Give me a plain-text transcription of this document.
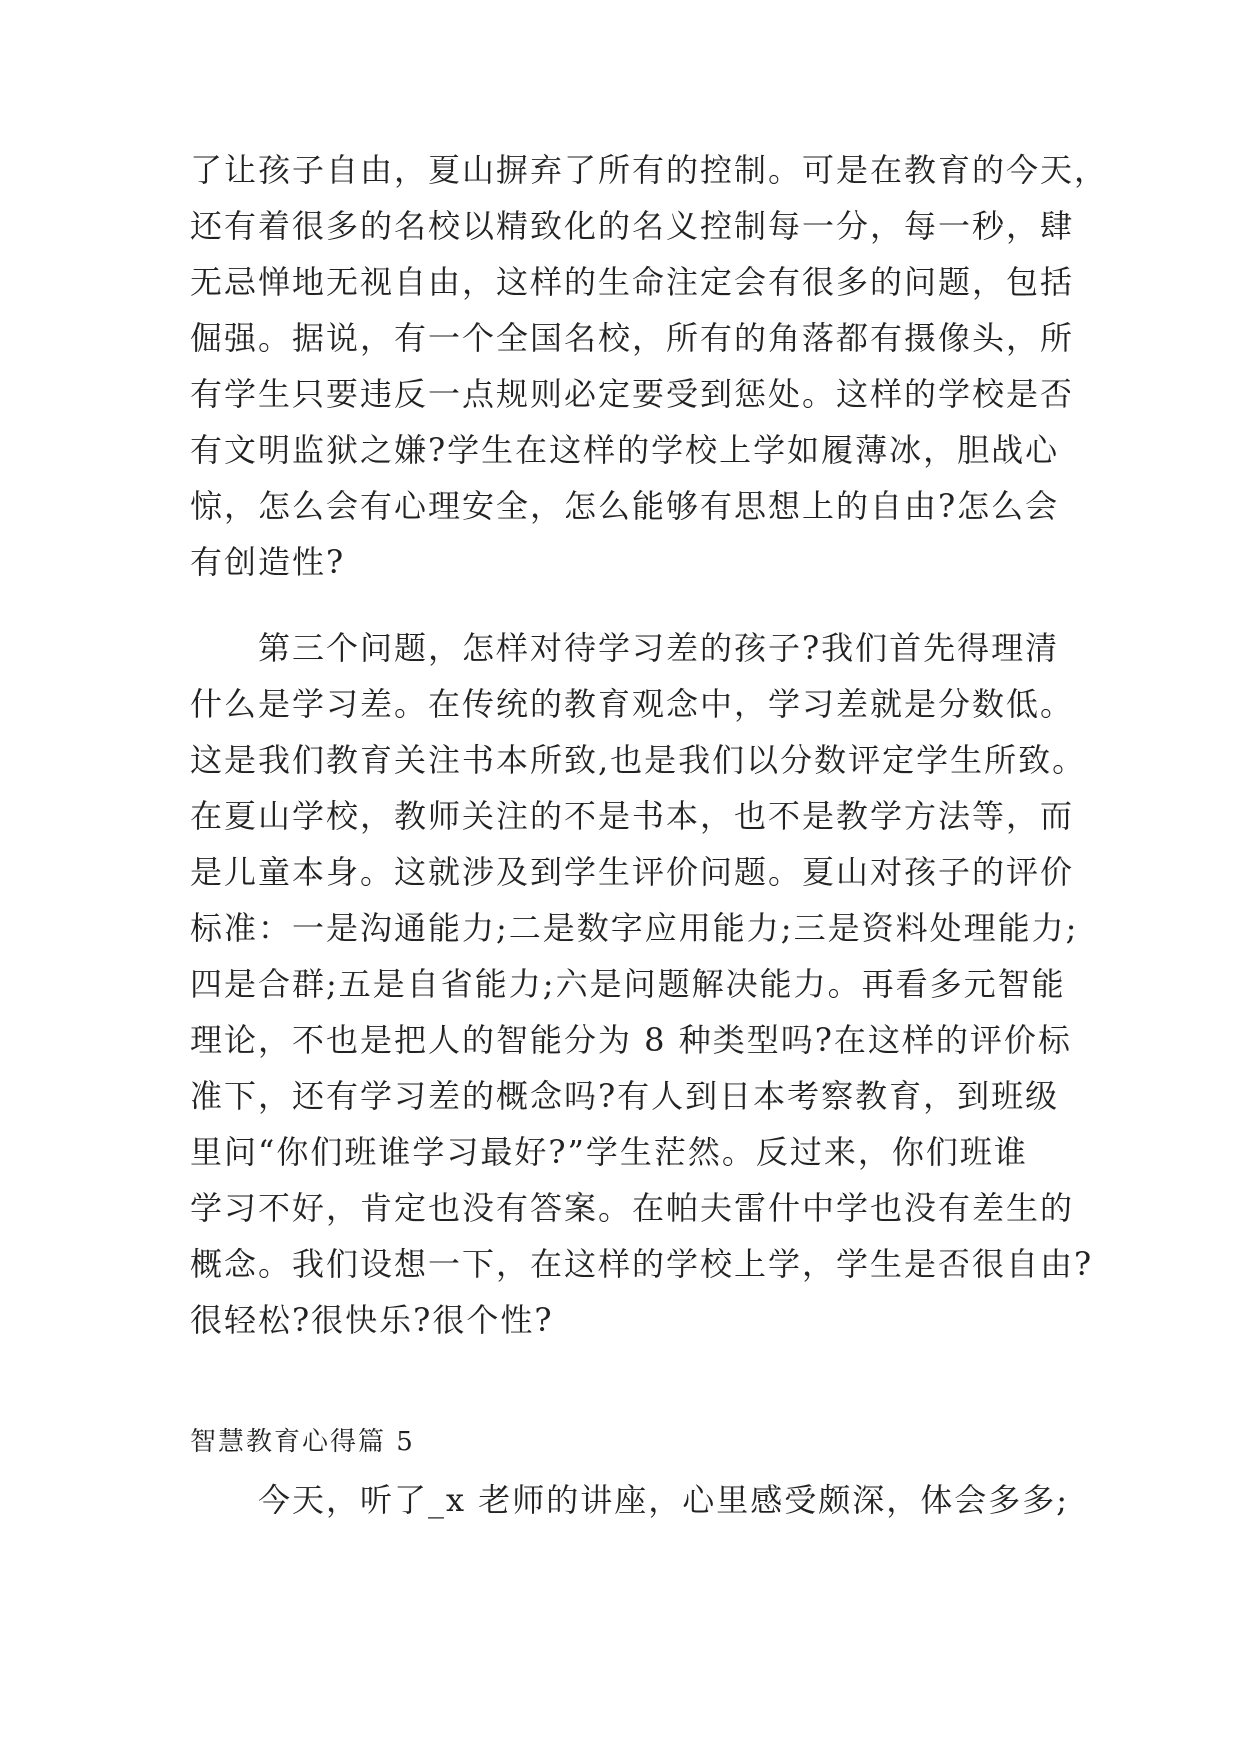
了让孩子自由，夏山摒弃了所有的控制。可是在教育的今天，

还有着很多的名校以精致化的名义控制每一分，每一秒，肆

无忌惮地无视自由，这样的生命注定会有很多的问题，包括

倔强。据说，有一个全国名校，所有的角落都有摄像头，所

有学生只要违反一点规则必定要受到惩处。这样的学校是否

有文明监狱之嫌?学生在这样的学校上学如履薄冰，胆战心

惊，怎么会有心理安全，怎么能够有思想上的自由?怎么会

有创造性?

第三个问题，怎样对待学习差的孩子?我们首先得理清

什么是学习差。在传统的教育观念中，学习差就是分数低。

这是我们教育关注书本所致,也是我们以分数评定学生所致。

在夏山学校，教师关注的不是书本，也不是教学方法等，而

是儿童本身。这就涉及到学生评价问题。夏山对孩子的评价

标准：一是沟通能力;二是数字应用能力;三是资料处理能力;

四是合群;五是自省能力;六是问题解决能力。再看多元智能

理论，不也是把人的智能分为 8 种类型吗?在这样的评价标

准下，还有学习差的概念吗?有人到日本考察教育，到班级

里问“你们班谁学习最好?”学生茫然。反过来，你们班谁

学习不好，肯定也没有答案。在帕夫雷什中学也没有差生的

概念。我们设想一下，在这样的学校上学，学生是否很自由?

很轻松?很快乐?很个性?

智慧教育心得篇 5

今天，听了_x 老师的讲座，心里感受颇深，体会多多;
